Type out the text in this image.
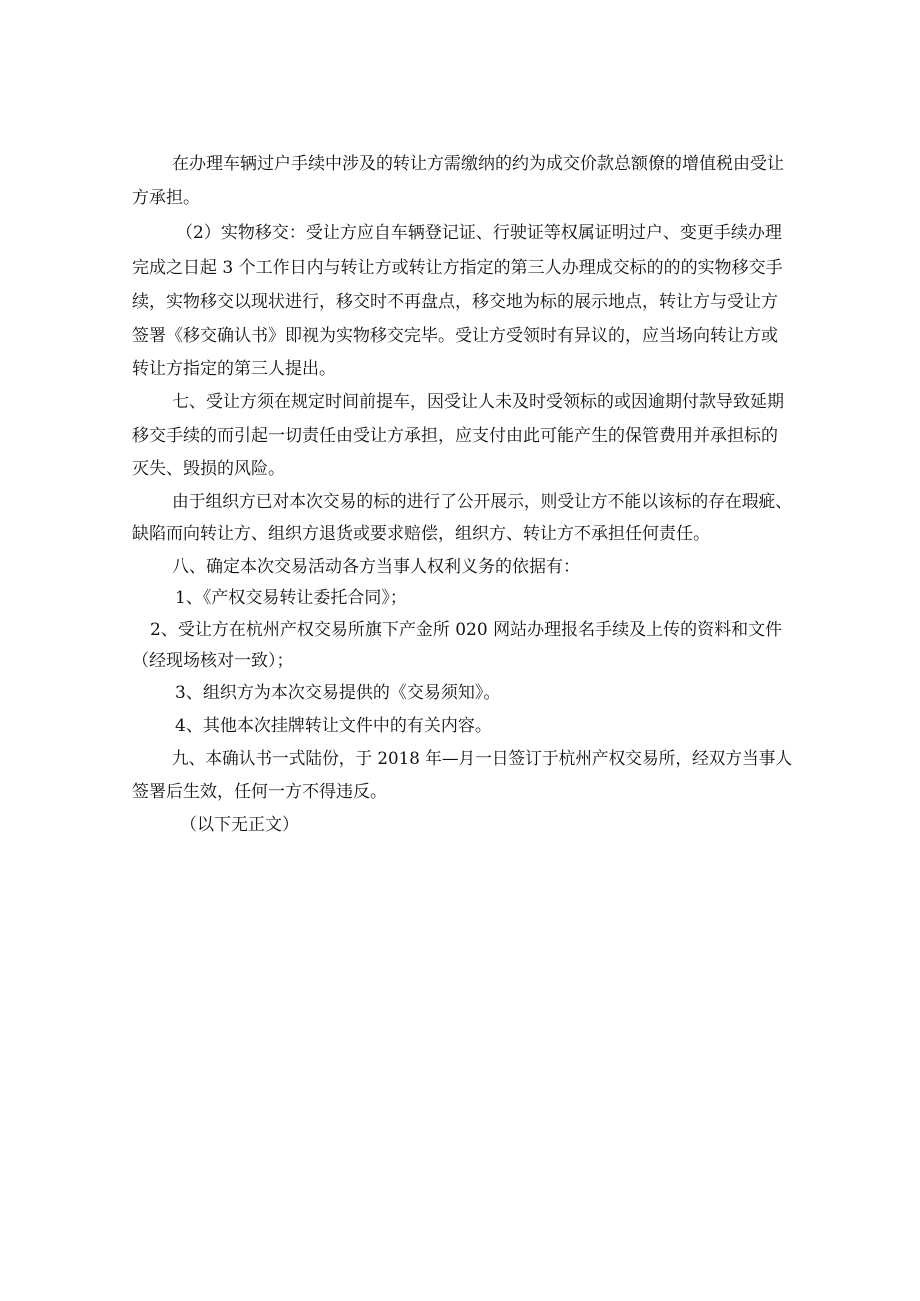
在办理车辆过户手续中涉及的转让方需缴纳的约为成交价款总额僚的增值税由受让

方承担。

（2）实物移交：受让方应自车辆登记证、行驶证等权属证明过户、变更手续办理

完成之日起 3 个工作日内与转让方或转让方指定的第三人办理成交标的的的实物移交手

续，实物移交以现状进行，移交时不再盘点，移交地为标的展示地点，转让方与受让方

签署《移交确认书》即视为实物移交完毕。受让方受领时有异议的，应当场向转让方或

转让方指定的第三人提出。

七、受让方须在规定时间前提车，因受让人未及时受领标的或因逾期付款导致延期

移交手续的而引起一切责任由受让方承担，应支付由此可能产生的保管费用并承担标的

灭失、毁损的风险。

由于组织方已对本次交易的标的进行了公开展示，则受让方不能以该标的存在瑕疵、

缺陷而向转让方、组织方退货或要求赔偿，组织方、转让方不承担任何责任。

八、确定本次交易活动各方当事人权利义务的依据有：

1、《产权交易转让委托合同》；

2、受让方在杭州产权交易所旗下产金所 020 网站办理报名手续及上传的资料和文件

（经现场核对一致）；

3、组织方为本次交易提供的《交易须知》。

4、其他本次挂牌转让文件中的有关内容。

九、本确认书一式陆份，于 2018 年—月一日签订于杭州产权交易所，经双方当事人

签署后生效，任何一方不得违反。

（以下无正文）
